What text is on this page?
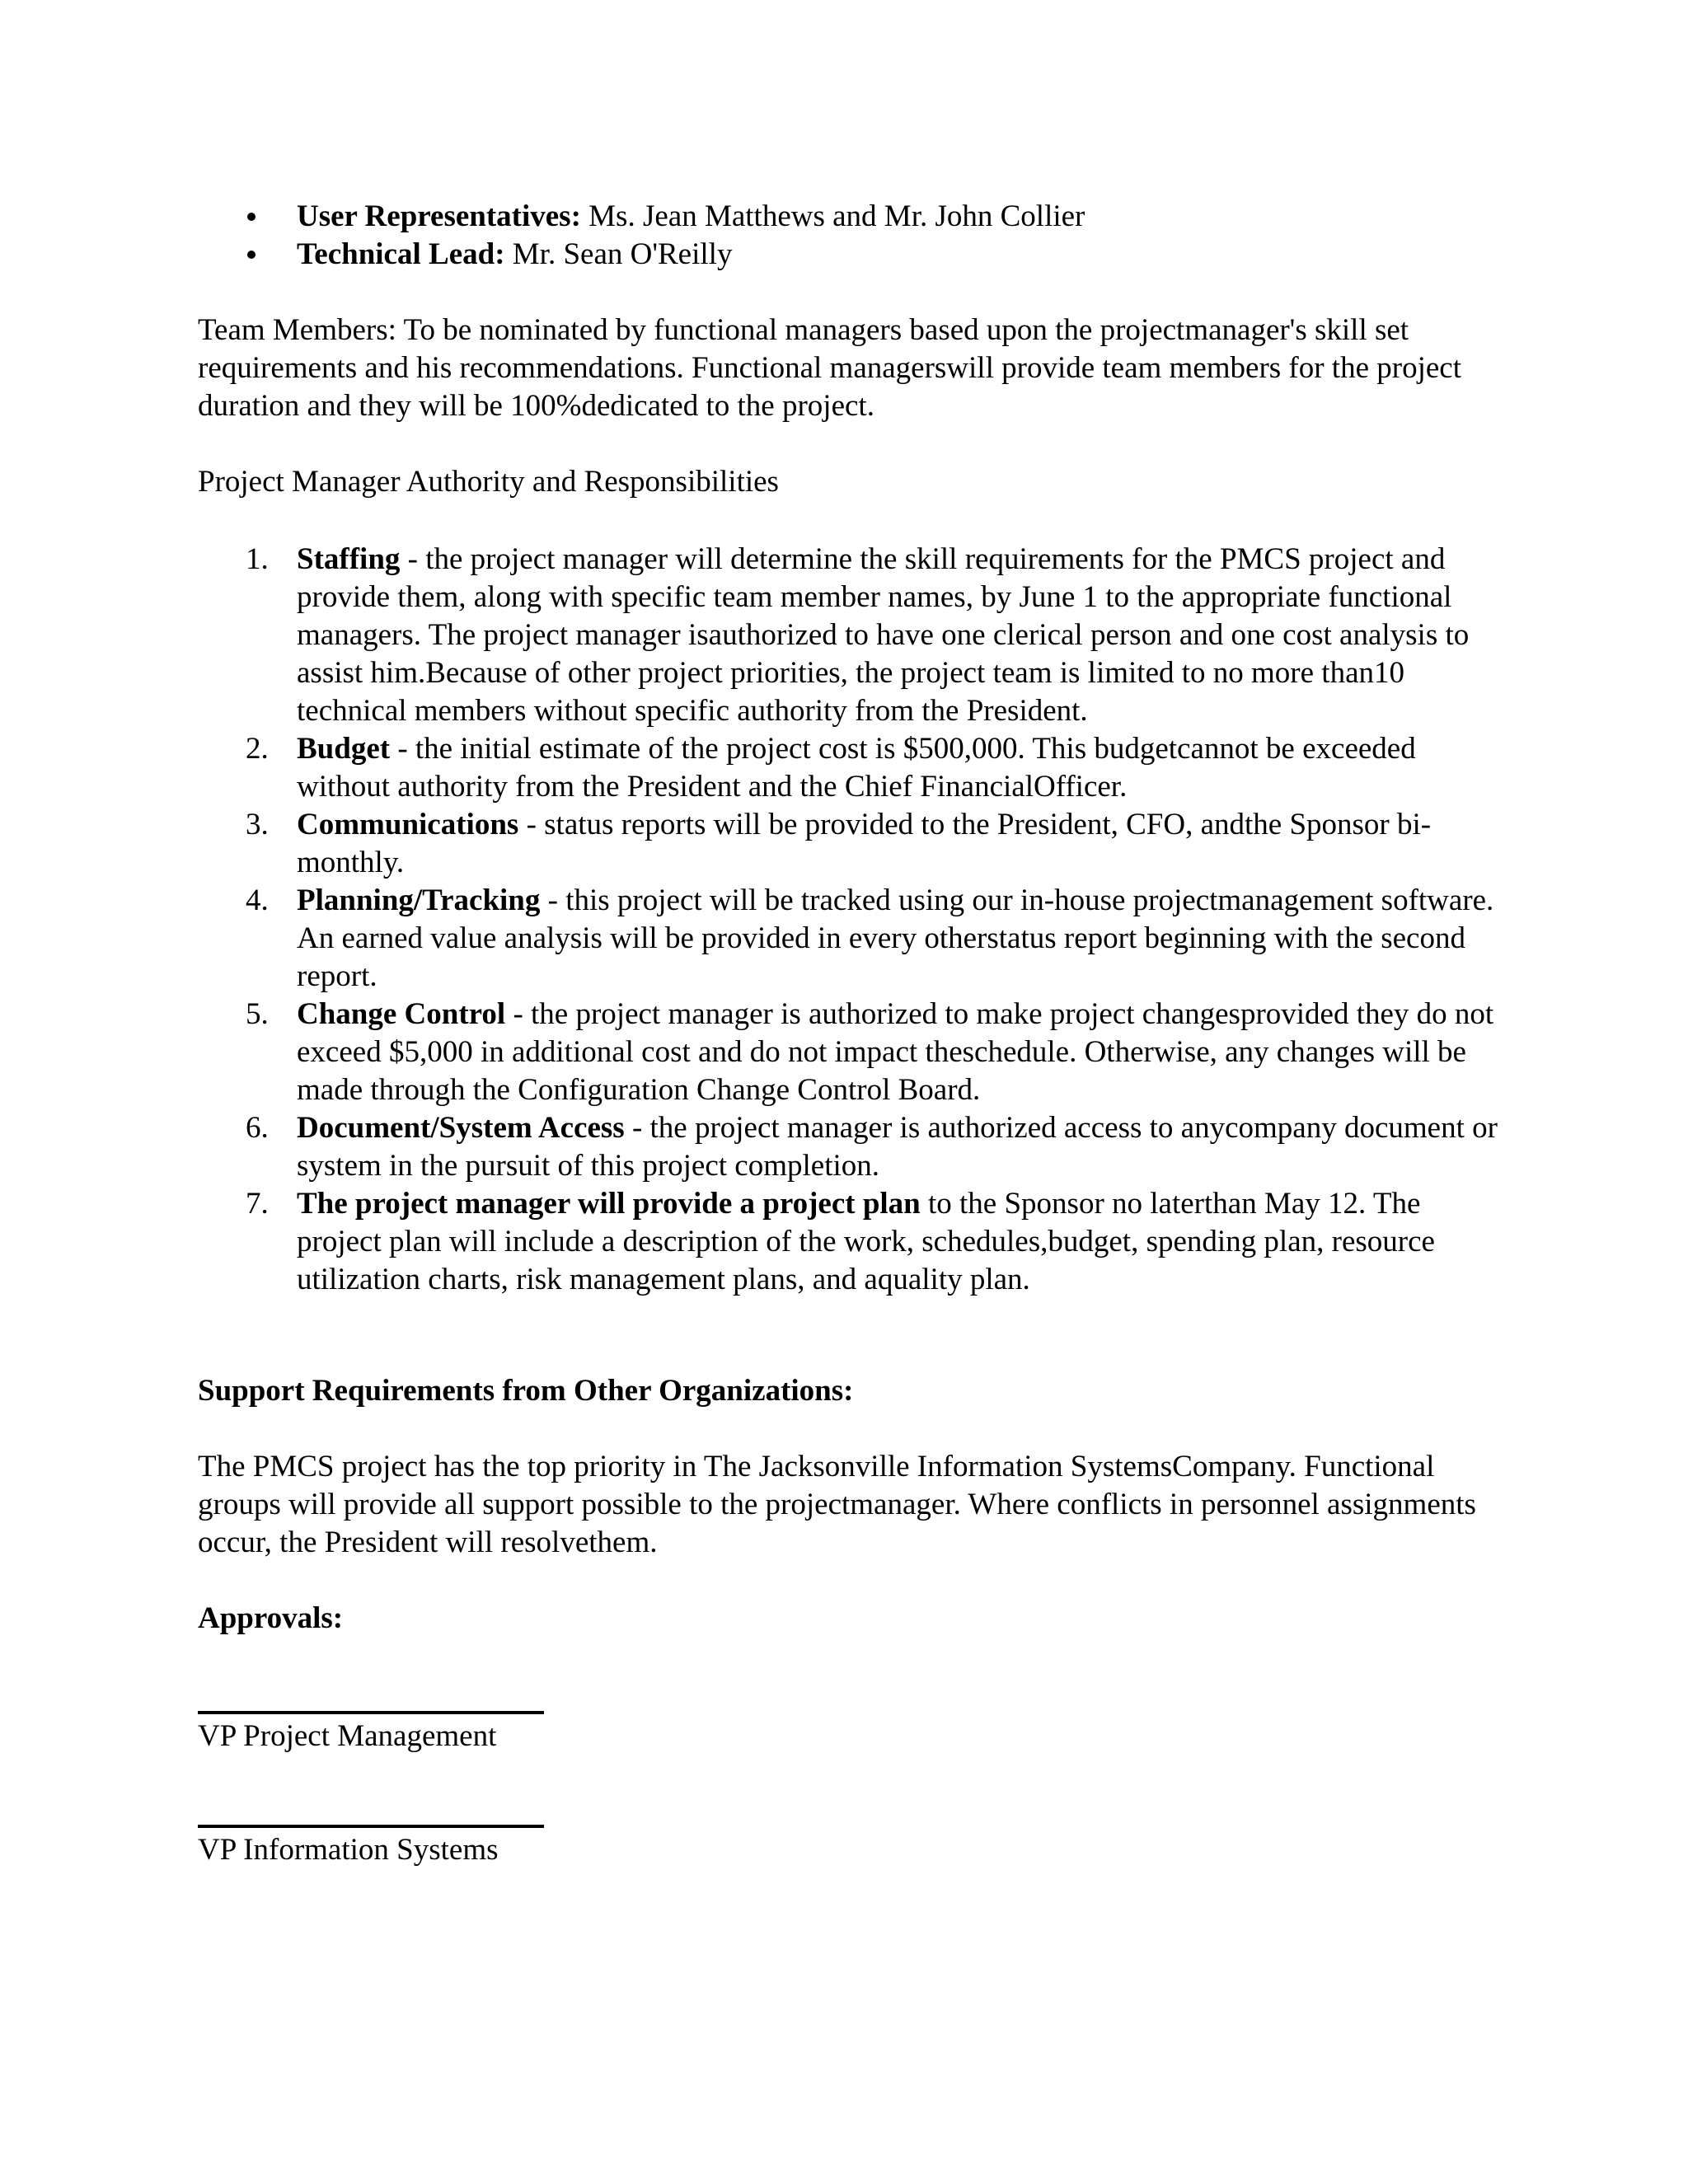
User Representatives: Ms. Jean Matthews and Mr. John Collier
Technical Lead: Mr. Sean O'Reilly

Team Members: To be nominated by functional managers based upon the projectmanager's skill set requirements and his recommendations. Functional managerswill provide team members for the project duration and they will be 100%dedicated to the project.

Project Manager Authority and Responsibilities

1. Staffing - the project manager will determine the skill requirements for the PMCS project and provide them, along with specific team member names, by June 1 to the appropriate functional managers. The project manager isauthorized to have one clerical person and one cost analysis to assist him.Because of other project priorities, the project team is limited to no more than10 technical members without specific authority from the President.
2. Budget - the initial estimate of the project cost is $500,000. This budgetcannot be exceeded without authority from the President and the Chief FinancialOfficer.
3. Communications - status reports will be provided to the President, CFO, andthe Sponsor bi-monthly.
4. Planning/Tracking - this project will be tracked using our in-house projectmanagement software. An earned value analysis will be provided in every otherstatus report beginning with the second report.
5. Change Control - the project manager is authorized to make project changesprovided they do not exceed $5,000 in additional cost and do not impact theschedule. Otherwise, any changes will be made through the Configuration Change Control Board.
6. Document/System Access - the project manager is authorized access to anycompany document or system in the pursuit of this project completion.
7. The project manager will provide a project plan to the Sponsor no laterthan May 12. The project plan will include a description of the work, schedules,budget, spending plan, resource utilization charts, risk management plans, and aquality plan.

Support Requirements from Other Organizations:

The PMCS project has the top priority in The Jacksonville Information SystemsCompany. Functional groups will provide all support possible to the projectmanager. Where conflicts in personnel assignments occur, the President will resolvethem.

Approvals:

VP Project Management

VP Information Systems
